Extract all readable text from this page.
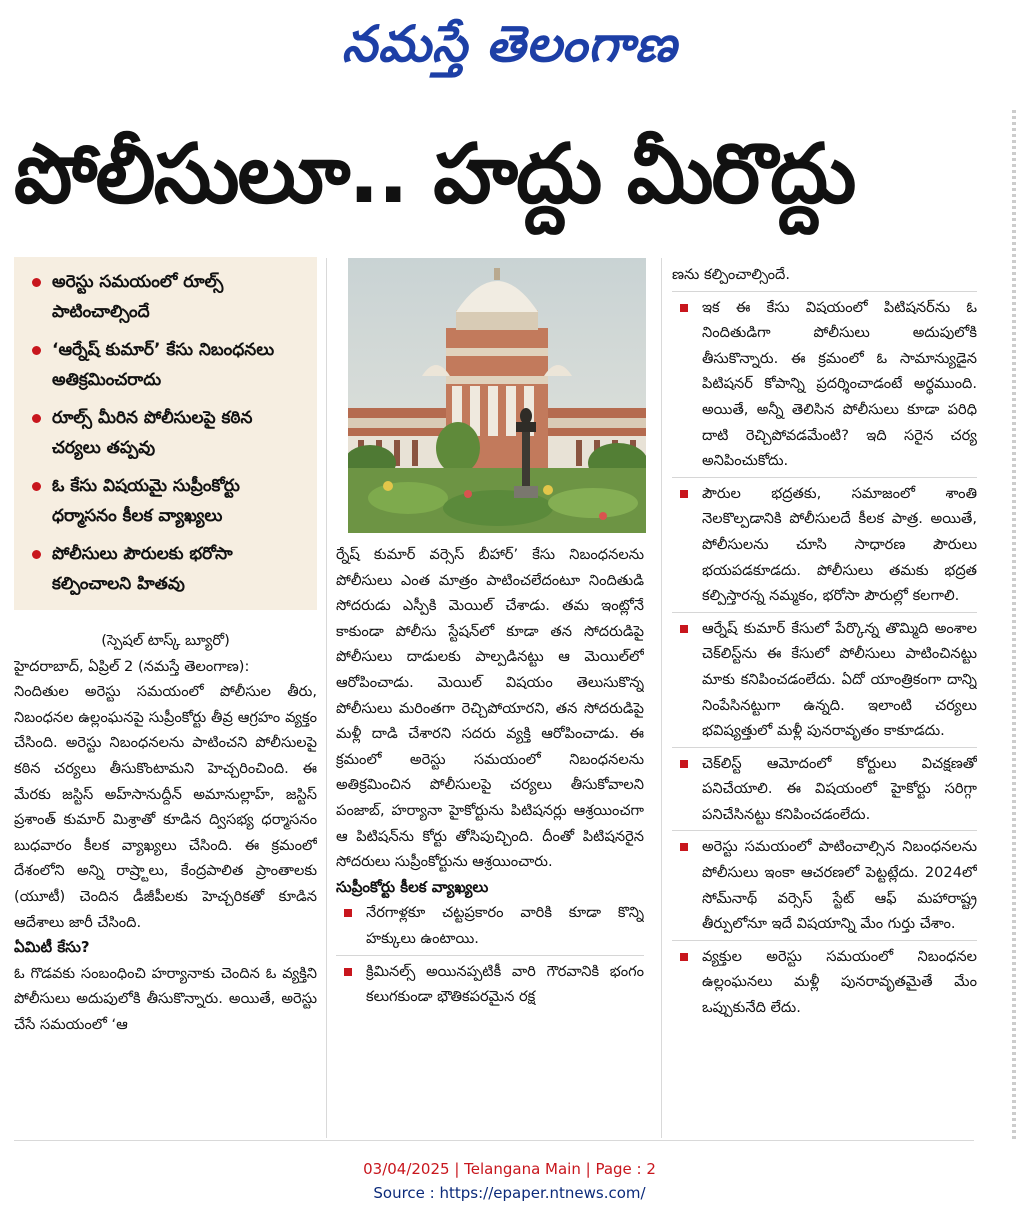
నమస్తే తెలంగాణ
పోలీసులూ.. హద్దు మీరొద్దు
అరెస్టు సమయంలో రూల్స్‌ పాటించాల్సిందే
‘ఆర్నేష్‌ కుమార్‌’ కేసు నిబంధనలు అతిక్రమించరాదు
రూల్స్‌ మీరిన పోలీసులపై కఠిన చర్యలు తప్పవు
ఓ కేసు విషయమై సుప్రీంకోర్టు ధర్మాసనం కీలక వ్యాఖ్యలు
పోలీసులు పౌరులకు భరోసా కల్పించాలని హితవు

(స్పెషల్‌ టాస్క్‌ బ్యూరో)

హైదరాబాద్‌, ఏప్రిల్‌ 2 (నమస్తే తెలంగాణ):

నిందితుల అరెస్టు సమయంలో పోలీసుల తీరు, నిబంధనల ఉల్లంఘనపై సుప్రీంకోర్టు తీవ్ర ఆగ్రహం వ్యక్తం చేసింది. అరెస్టు నిబంధనలను పాటించని పోలీసులపై కఠిన చర్యలు తీసుకొంటామని హెచ్చరించింది. ఈ మేరకు జస్టిస్‌ అహ్‌సానుద్దీన్‌ అమానుల్లాహ్‌, జస్టిస్‌ ప్రశాంత్‌ కుమార్‌ మిశ్రాతో కూడిన ద్విసభ్య ధర్మాసనం బుధవారం కీలక వ్యాఖ్యలు చేసింది. ఈ క్రమంలో దేశంలోని అన్ని రాష్ర్టాలు, కేంద్రపాలిత ప్రాంతాలకు (యూటీ) చెందిన డీజీపీలకు హెచ్చరికతో కూడిన ఆదేశాలు జారీ చేసింది.

ఏమిటీ కేసు?

ఓ గొడవకు సంబంధించి హర్యానాకు చెందిన ఓ వ్యక్తిని పోలీసులు అదుపులోకి తీసుకొన్నారు. అయితే, అరెస్టు చేసే సమయంలో ‘ఆ

ర్నేష్‌ కుమార్‌ వర్సెస్‌ బీహార్‌’ కేసు నిబంధనలను పోలీసులు ఎంత మాత్రం పాటించలేదంటూ నిందితుడి సోదరుడు ఎస్పీకి మెయిల్‌ చేశాడు. తమ ఇంట్లోనే కాకుండా పోలీసు స్టేషన్‌లో కూడా తన సోదరుడిపై పోలీసులు దాడులకు పాల్పడినట్టు ఆ మెయిల్‌లో ఆరోపించాడు. మెయిల్‌ విషయం తెలుసుకొన్న పోలీసులు మరింతగా రెచ్చిపోయారని, తన సోదరుడిపై మళ్లీ దాడి చేశారని సదరు వ్యక్తి ఆరోపించాడు. ఈ క్రమంలో అరెస్టు సమయంలో నిబంధనలను అతిక్రమించిన పోలీసులపై చర్యలు తీసుకోవాలని పంజాబ్‌, హర్యానా హైకోర్టును పిటిషనర్లు ఆశ్రయించగా ఆ పిటిషన్‌ను కోర్టు తోసిపుచ్చింది. దీంతో పిటిషనరైన సోదరులు సుప్రీంకోర్టును ఆశ్రయించారు.

సుప్రీంకోర్టు కీలక వ్యాఖ్యలు

నేరగాళ్లకూ చట్టప్రకారం వారికి కూడా కొన్ని హక్కులు ఉంటాయి.

క్రిమినల్స్‌ అయినప్పటికీ వారి గౌరవానికి భంగం కలుగకుండా భౌతికపరమైన రక్ష

ణను కల్పించాల్సిందే.

ఇక ఈ కేసు విషయంలో పిటిషనర్‌ను ఓ నిందితుడిగా పోలీసులు అదుపులోకి తీసుకొన్నారు. ఈ క్రమంలో ఓ సామాన్యుడైన పిటిషనర్‌ కోపాన్ని ప్రదర్శించాడంటే అర్థముంది. అయితే, అన్నీ తెలిసిన పోలీసులు కూడా పరిధి దాటి రెచ్చిపోవడమేంటి? ఇది సరైన చర్య అనిపించుకోదు.

పౌరుల భద్రతకు, సమాజంలో శాంతి నెలకొల్పడానికి పోలీసులదే కీలక పాత్ర. అయితే, పోలీసులను చూసి సాధారణ పౌరులు భయపడకూడదు. పోలీసులు తమకు భద్రత కల్పిస్తారన్న నమ్మకం, భరోసా పౌరుల్లో కలగాలి.

ఆర్నేష్‌ కుమార్‌ కేసులో పేర్కొన్న తొమ్మిది అంశాల చెక్‌లిస్ట్‌ను ఈ కేసులో పోలీసులు పాటించినట్టు మాకు కనిపించడంలేదు. ఏదో యాంత్రికంగా దాన్ని నింపేసినట్టుగా ఉన్నది. ఇలాంటి చర్యలు భవిష్యత్తులో మళ్లీ పునరావృతం కాకూడదు.

చెక్‌లిస్ట్‌ ఆమోదంలో కోర్టులు విచక్షణతో పనిచేయాలి. ఈ విషయంలో హైకోర్టు సరిగ్గా పనిచేసినట్టు కనిపించడంలేదు.

అరెస్టు సమయంలో పాటించాల్సిన నిబంధనలను పోలీసులు ఇంకా ఆచరణలో పెట్టట్లేదు. 2024లో సోమ్‌నాథ్‌ వర్సెస్‌ స్టేట్‌ ఆఫ్‌ మహారాష్ట్ర తీర్పులోనూ ఇదే విషయాన్ని మేం గుర్తు చేశాం.

వ్యక్తుల అరెస్టు సమయంలో నిబంధనల ఉల్లంఘనలు మళ్లీ పునరావృతమైతే మేం ఒప్పుకునేది లేదు.

03/04/2025 | Telangana Main | Page : 2
Source : https://epaper.ntnews.com/
